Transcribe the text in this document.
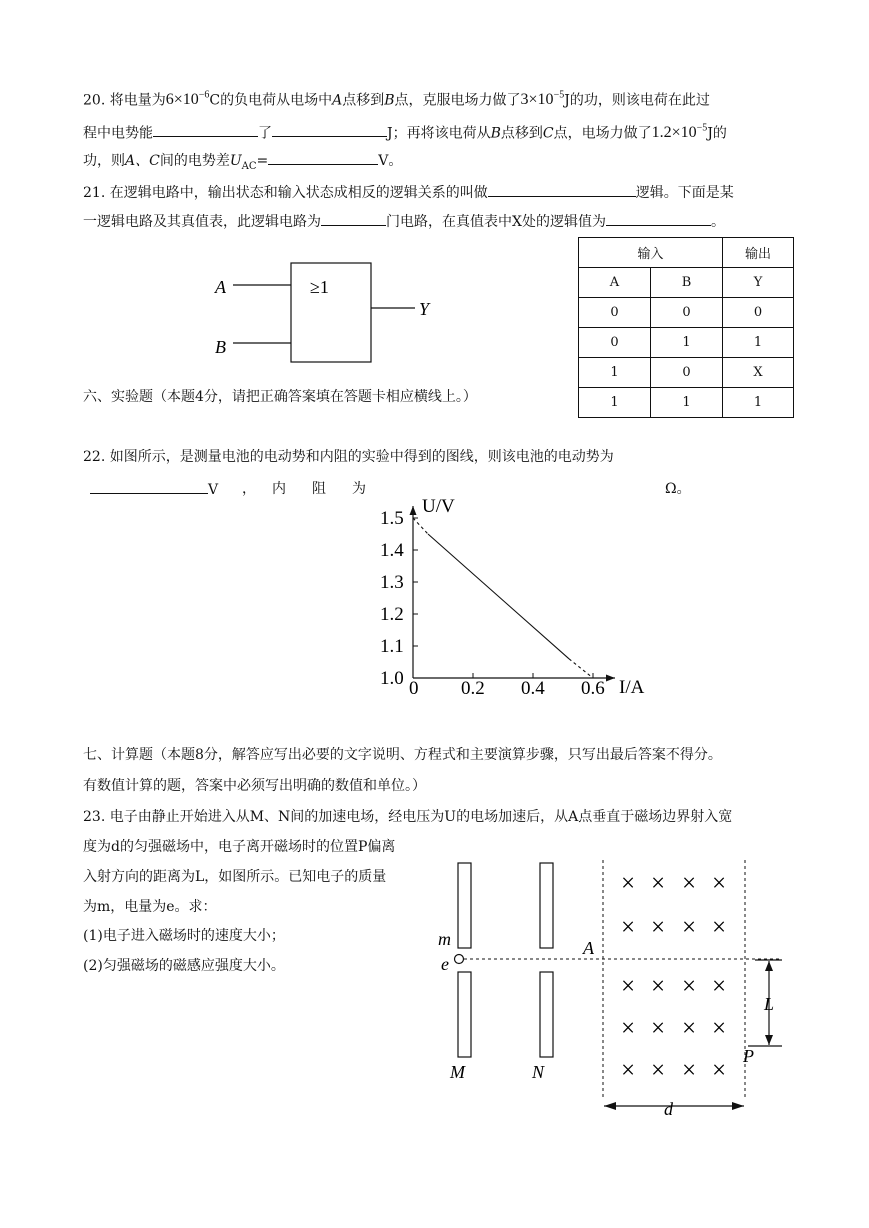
20. 将电量为$6\times 10^{-6}C$的负电荷从电场中A点移到B点，克服电场力做了$3\times 10^{-5}J$的功，则该电荷在此过
程中电势能	了	J；再将该电荷从B点移到C点，电场力做了$1.2\times 10^{-5}J$的
功，则A、C间的电势差$U_{AC}=$	V。
21. 在逻辑电路中，输出状态和输入状态成相反的逻辑关系的叫做	逻辑。下面是某
一逻辑电路及其真值表，此逻辑电路为	门电路，在真值表中X处的逻辑值为	。
≥1
A
B
Y
输入		输出
A	B	Y
0	0	0
0	1	1
1	0	X
1	1	1
六、实验题（本题4分，请把正确答案填在答题卡相应横线上。）
22. 如图所示，是测量电池的电动势和内阻的实验中得到的图线，则该电池的电动势为
V ， 内 阻 为	Ω。
1.0
1.1
1.2
1.3
1.4
1.5
0 0.2 0.4 0.6
U/V
I/A
七、计算题（本题8分，解答应写出必要的文字说明、方程式和主要演算步骤，只写出最后答案不得分。
有数值计算的题，答案中必须写出明确的数值和单位。）
23. 电子由静止开始进入从M、N间的加速电场，经电压为U的电场加速后，从A点垂直于磁场边界射入宽
度为d的匀强磁场中，电子离开磁场时的位置P偏离
入射方向的距离为L，如图所示。已知电子的质量
为m，电量为e。求：
(1)电子进入磁场时的速度大小；
(2)匀强磁场的磁感应强度大小。
× × × ×
× × × ×
× × × ×
× × × ×
× × × ×
m
e
A
L
P
M	N
d
